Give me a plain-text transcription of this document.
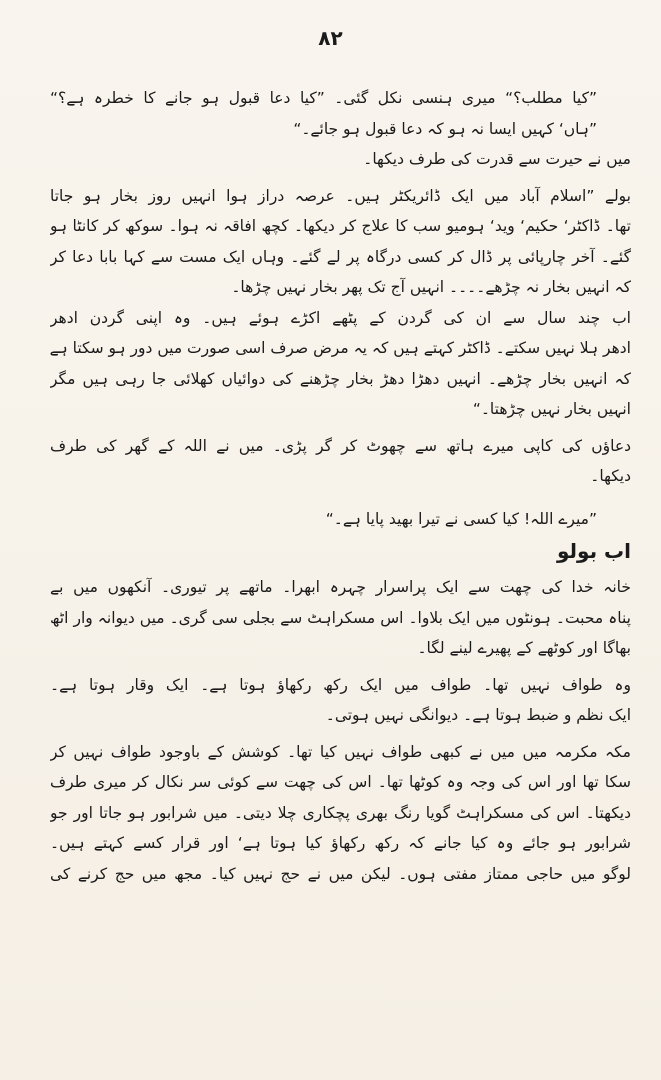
۸۲
”کیا مطلب؟“ میری ہنسی نکل گئی۔ ”کیا دعا قبول ہو جانے کا خطرہ ہے؟“
”ہاں‘ کہیں ایسا نہ ہو کہ دعا قبول ہو جائے۔“
میں نے حیرت سے قدرت کی طرف دیکھا۔
بولے ”اسلام آباد میں ایک ڈائریکٹر ہیں۔ عرصہ دراز ہوا انہیں روز بخار ہو جاتا
تھا۔ ڈاکٹر‘ حکیم‘ وید‘ ہومیو سب کا علاج کر دیکھا۔ کچھ افاقہ نہ ہوا۔ سوکھ کر کانٹا ہو
گئے۔ آخر چارپائی پر ڈال کر کسی درگاہ پر لے گئے۔ وہاں ایک مست سے کہا بابا دعا کر
کہ انہیں بخار نہ چڑھے۔۔۔۔ انہیں آج تک پھر بخار نہیں چڑھا۔
اب چند سال سے ان کی گردن کے پٹھے اکڑے ہوئے ہیں۔ وہ اپنی گردن ادھر
ادھر ہلا نہیں سکتے۔ ڈاکٹر کہتے ہیں کہ یہ مرض صرف اسی صورت میں دور ہو سکتا ہے
کہ انہیں بخار چڑھے۔ انہیں دھڑا دھڑ بخار چڑھنے کی دوائیاں کھلائی جا رہی ہیں مگر
انہیں بخار نہیں چڑھتا۔“
دعاؤں کی کاپی میرے ہاتھ سے چھوٹ کر گر پڑی۔ میں نے اللہ کے گھر کی طرف
دیکھا۔
”میرے اللہ! کیا کسی نے تیرا بھید پایا ہے۔“
اب بولو
خانہ خدا کی چھت سے ایک پراسرار چہرہ ابھرا۔ ماتھے پر تیوری۔ آنکھوں میں بے
پناہ محبت۔ ہونٹوں میں ایک بلاوا۔ اس مسکراہٹ سے بجلی سی گری۔ میں دیوانہ وار اٹھ
بھاگا اور کوٹھے کے پھیرے لینے لگا۔
وہ طواف نہیں تھا۔ طواف میں ایک رکھ رکھاؤ ہوتا ہے۔ ایک وقار ہوتا ہے۔
ایک نظم و ضبط ہوتا ہے۔ دیوانگی نہیں ہوتی۔
مکہ مکرمہ میں میں نے کبھی طواف نہیں کیا تھا۔ کوشش کے باوجود طواف نہیں کر
سکا تھا اور اس کی وجہ وہ کوٹھا تھا۔ اس کی چھت سے کوئی سر نکال کر میری طرف
دیکھتا۔ اس کی مسکراہٹ گویا رنگ بھری پچکاری چلا دیتی۔ میں شرابور ہو جاتا اور جو
شرابور ہو جائے وہ کیا جانے کہ رکھ رکھاؤ کیا ہوتا ہے‘ اور قرار کسے کہتے ہیں۔
لوگو میں حاجی ممتاز مفتی ہوں۔ لیکن میں نے حج نہیں کیا۔ مجھ میں حج کرنے کی
